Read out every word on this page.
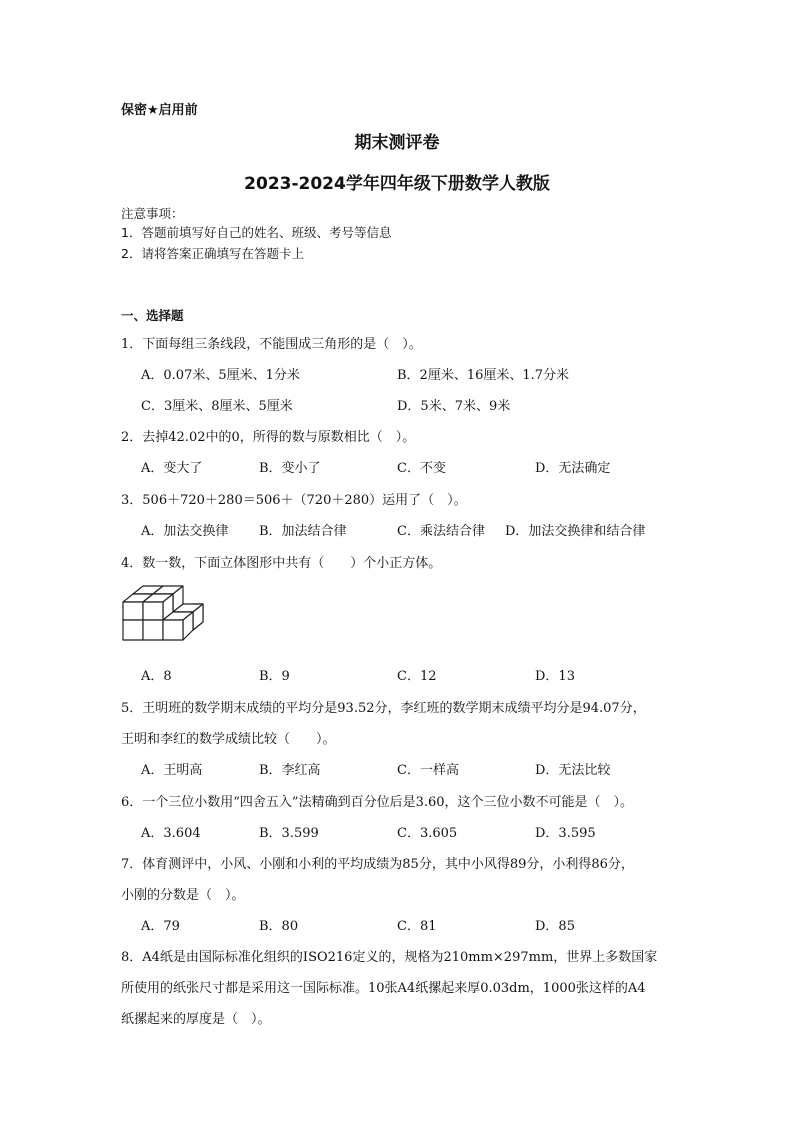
保密★启用前
期末测评卷
2023-2024学年四年级下册数学人教版
注意事项：
1．答题前填写好自己的姓名、班级、考号等信息
2．请将答案正确填写在答题卡上
一、选择题
1．下面每组三条线段，不能围成三角形的是（　）。
A．0.07米、5厘米、1分米	B．2厘米、16厘米、1.7分米
C．3厘米、8厘米、5厘米	D．5米、7米、9米
2．去掉42.02中的0，所得的数与原数相比（　）。
A．变大了	B．变小了	C．不变	D．无法确定
3．506＋720＋280＝506＋（720＋280）运用了（　）。
A．加法交换律 B．加法结合律	C．乘法结合律 D．加法交换律和结合律
4．数一数，下面立体图形中共有（　　）个小正方体。
A．8	B．9	C．12	D．13
5．王明班的数学期末成绩的平均分是93.52分，李红班的数学期末成绩平均分是94.07分，
王明和李红的数学成绩比较（　　）。
A．王明高	B．李红高	C．一样高	D．无法比较
6．一个三位小数用“四舍五入”法精确到百分位后是3.60，这个三位小数不可能是（　）。
A．3.604	B．3.599	C．3.605	D．3.595
7．体育测评中，小风、小刚和小利的平均成绩为85分，其中小风得89分，小利得86分，
小刚的分数是（　）。
A．79	B．80	C．81	D．85
8．A4纸是由国际标准化组织的ISO216定义的，规格为210mm×297mm，世界上多数国家
所使用的纸张尺寸都是采用这一国际标准。10张A4纸摞起来厚0.03dm，1000张这样的A4
纸摞起来的厚度是（　）。
